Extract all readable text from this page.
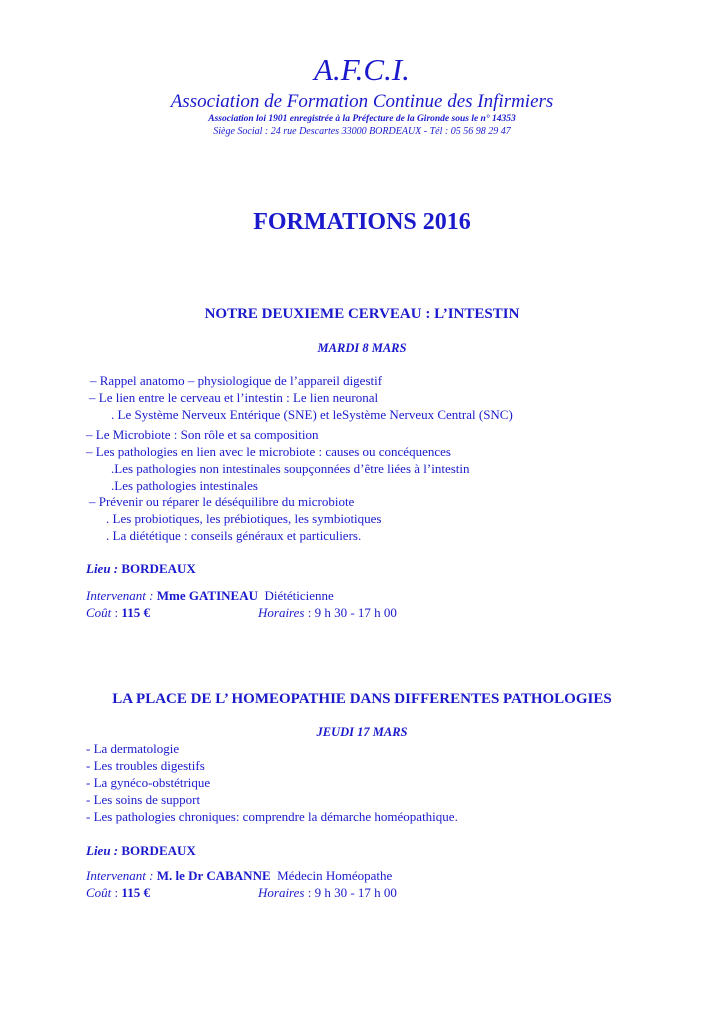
A.F.C.I.
Association de Formation Continue des Infirmiers
Association loi 1901 enregistrée à la Préfecture de la Gironde sous le n° 14353
Siège Social : 24 rue Descartes 33000 BORDEAUX - Tél : 05 56 98 29 47
FORMATIONS 2016
NOTRE DEUXIEME CERVEAU : L’INTESTIN
MARDI 8 MARS
– Rappel anatomo – physiologique de l’appareil digestif
– Le lien entre le cerveau et l’intestin : Le lien neuronal
. Le Système Nerveux Entérique (SNE) et leSystème Nerveux Central (SNC)
– Le Microbiote : Son rôle et sa composition
– Les pathologies en lien avec le microbiote : causes ou concéquences
.Les pathologies non intestinales soupçonnées d’être liées à l’intestin
.Les pathologies intestinales
– Prévenir ou réparer le déséquilibre du microbiote
. Les probiotiques, les prébiotiques, les symbiotiques
. La diététique : conseils généraux et particuliers.
Lieu : BORDEAUX
Intervenant : Mme GATINEAU Diététicienne
Coût : 115 €	Horaires : 9 h 30 - 17 h 00
LA PLACE DE L’ HOMEOPATHIE DANS DIFFERENTES PATHOLOGIES
JEUDI 17 MARS
- La dermatologie
- Les troubles digestifs
- La gynéco-obstétrique
- Les soins de support
- Les pathologies chroniques: comprendre la démarche homéopathique.
Lieu : BORDEAUX
Intervenant : M. le Dr CABANNE Médecin Homéopathe
Coût : 115 €	Horaires : 9 h 30 - 17 h 00
